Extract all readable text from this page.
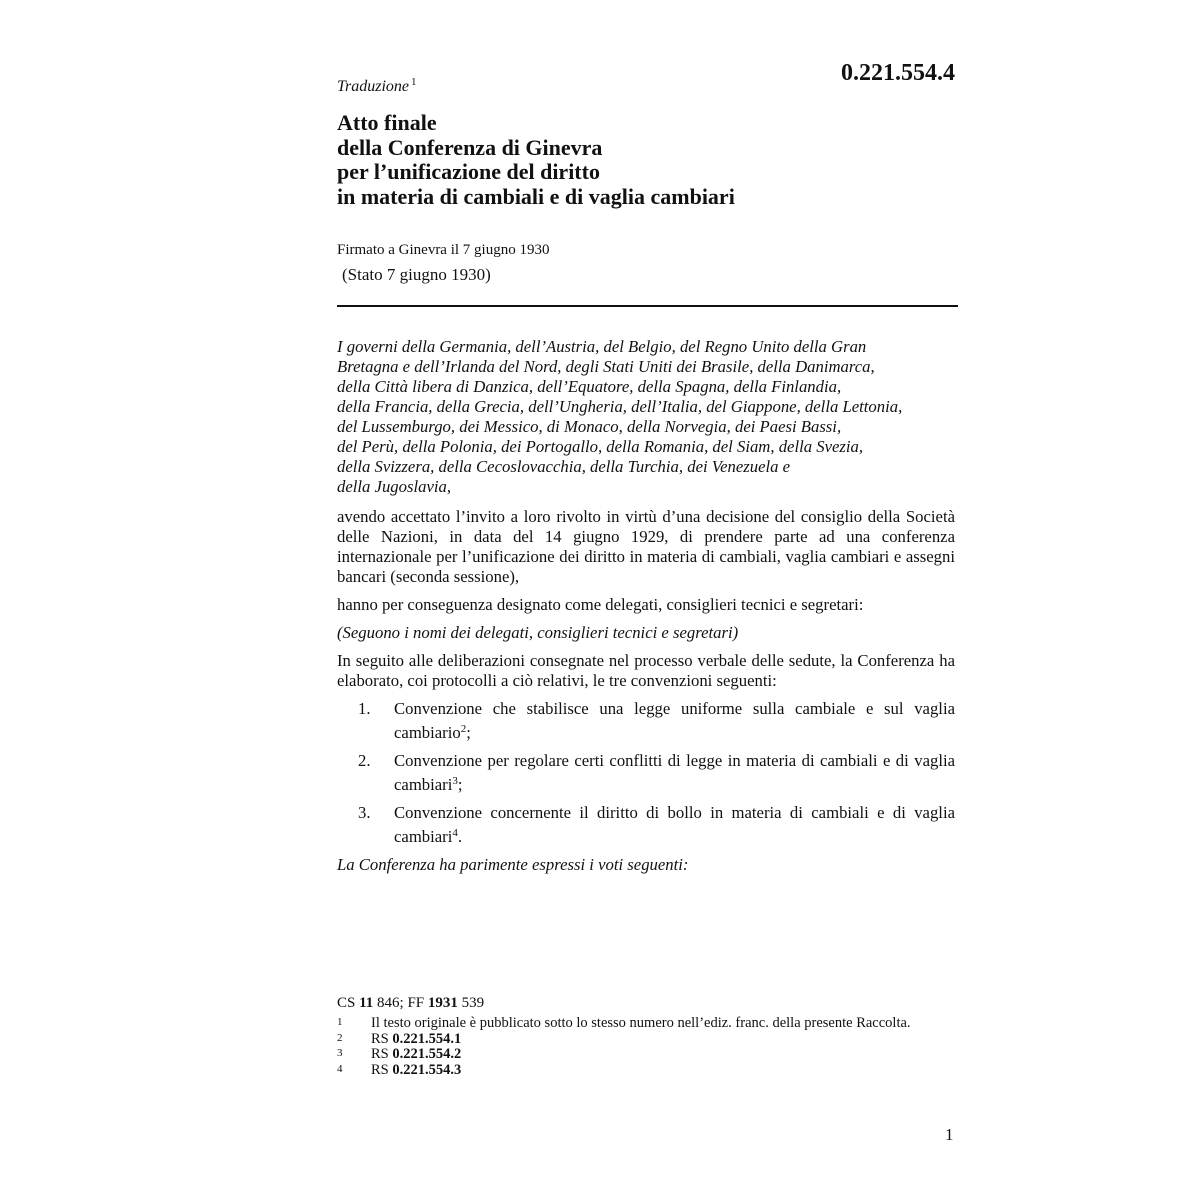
Traduzione $^1$	0.221.554.4
Atto finale
della Conferenza di Ginevra
per l’unificazione del diritto
in materia di cambiali e di vaglia cambiari
Firmato a Ginevra il 7 giugno 1930
(Stato 7 giugno 1930)
I governi della Germania, dell’Austria, del Belgio, del Regno Unito della Gran
Bretagna e dell’Irlanda del Nord, degli Stati Uniti dei Brasile, della Danimarca,
della Città libera di Danzica, dell’Equatore, della Spagna, della Finlandia,
della Francia, della Grecia, dell’Ungheria, dell’Italia, del Giappone, della Lettonia,
del Lussemburgo, dei Messico, di Monaco, della Norvegia, dei Paesi Bassi,
del Perù, della Polonia, dei Portogallo, della Romania, del Siam, della Svezia,
della Svizzera, della Cecoslovacchia, della Turchia, dei Venezuela e
della Jugoslavia,

avendo accettato l’invito a loro rivolto in virtù d’una decisione del consiglio della Società delle Nazioni, in data del 14 giugno 1929, di prendere parte ad una conferenza internazionale per l’unificazione dei diritto in materia di cambiali, vaglia cambiari e assegni bancari (seconda sessione),

hanno per conseguenza designato come delegati, consiglieri tecnici e segretari:

(Seguono i nomi dei delegati, consiglieri tecnici e segretari)

In seguito alle deliberazioni consegnate nel processo verbale delle sedute, la Conferenza ha elaborato, coi protocolli a ciò relativi, le tre convenzioni seguenti:

1.	Convenzione che stabilisce una legge uniforme sulla cambiale e sul vaglia cambiario$^2$;
2.	Convenzione per regolare certi conflitti di legge in materia di cambiali e di vaglia cambiari$^3$;
3.	Convenzione concernente il diritto di bollo in materia di cambiali e di vaglia cambiari$^4$.

La Conferenza ha parimente espressi i voti seguenti:

CS 11 846; FF 1931 539
1	Il testo originale è pubblicato sotto lo stesso numero nell’ediz. franc. della presente Raccolta.
2	RS 0.221.554.1
3	RS 0.221.554.2
4	RS 0.221.554.3
1
